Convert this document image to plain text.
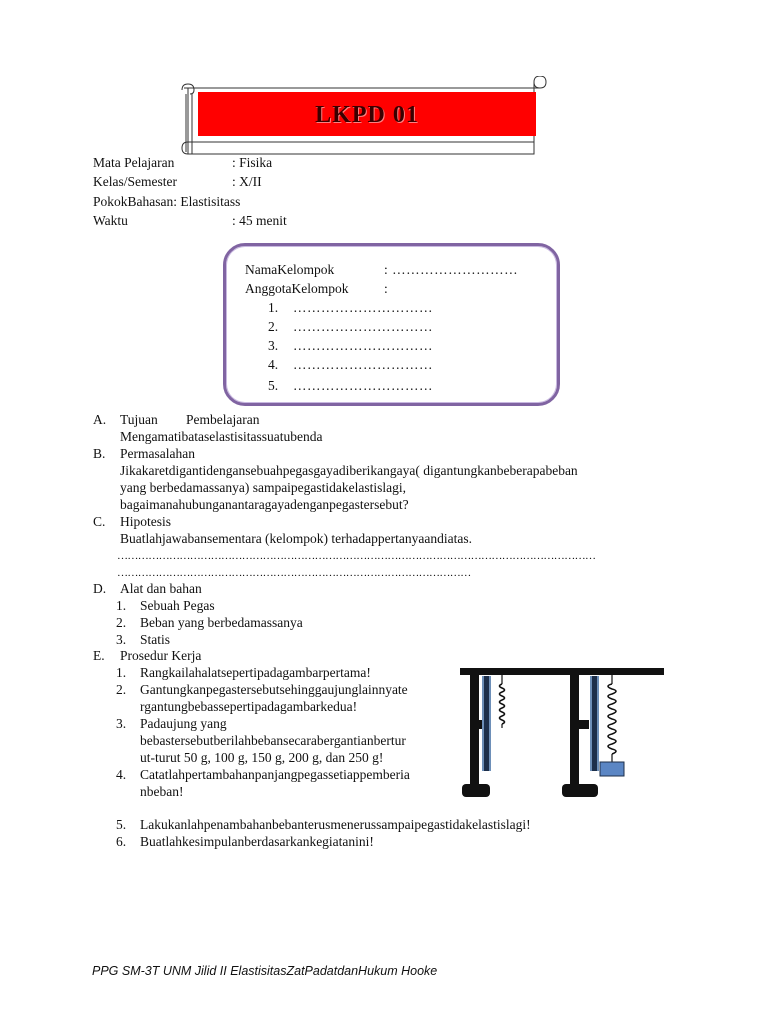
LKPD 01
Mata Pelajaran	: Fisika
Kelas/Semester	: X/II
PokokBahasan: Elastisitass
Waktu	: 45 menit
NamaKelompok	: ………………………
AnggotaKelompok	:
1. …………………………
2. …………………………
3. …………………………
4. …………………………
5. …………………………
A. Tujuan Pembelajaran
Mengamatibataselastisitassuatubenda
B. Permasalahan
Jikakaretdigantidengansebuahpegasgayadiberikangaya( digantungkanbeberapabeban
yang berbedamassanya) sampaipegastidakelastislagi,
bagaimanahubunganantaragayadenganpegastersebut?
C. Hipotesis
Buatlahjawabansementara (kelompok) terhadappertanyaandiatas.
…………………………………………………………………………………………………………………………
…………………………………………………………………………………………
D. Alat dan bahan
1. Sebuah Pegas
2. Beban yang berbedamassanya
3. Statis
E. Prosedur Kerja
1. Rangkailahalatsepertipadagambarpertama!
2. Gantungkanpegastersebutsehinggaujunglainnyate
rgantungbebassepertipadagambarkedua!
3. Padaujung yang
bebastersebutberilahbebansecarabergantianbertur
ut-turut 50 g, 100 g, 150 g, 200 g, dan 250 g!
4. Catatlahpertambahanpanjangpegassetiappemberia
nbeban!
5. Lakukanlahpenambahanbebanterusmenerussampaipegastidakelastislagi!
6. Buatlahkesimpulanberdasarkankegiatanini!
PPG SM-3T UNM Jilid II ElastisitasZatPadatdanHukum Hooke
